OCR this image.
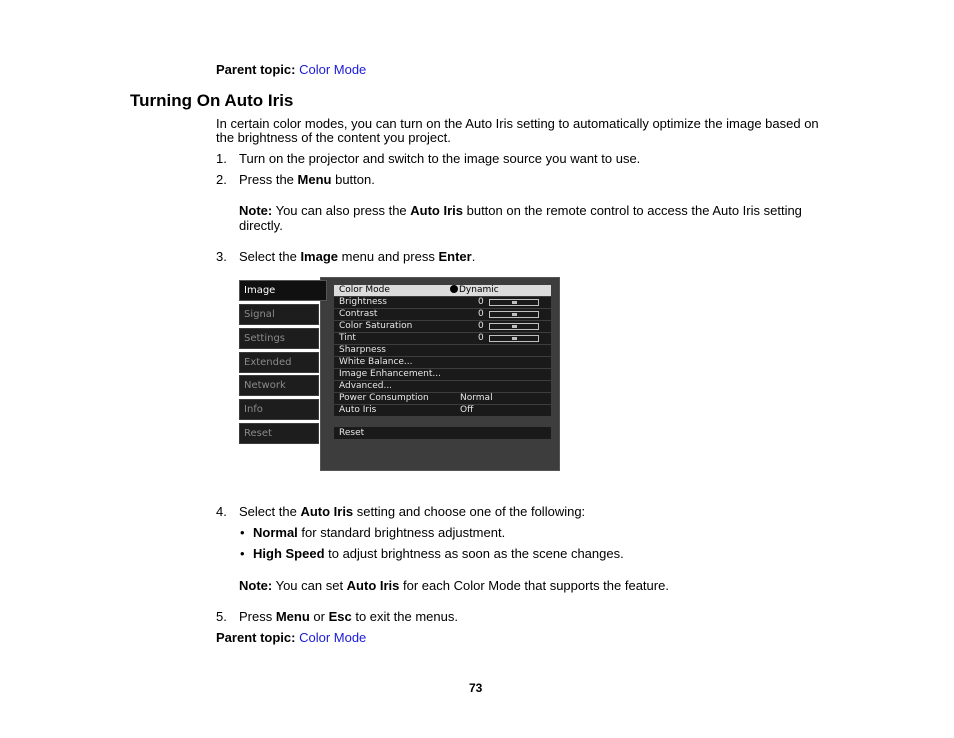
Parent topic: Color Mode
Turning On Auto Iris
In certain color modes, you can turn on the Auto Iris setting to automatically optimize the image based on
the brightness of the content you project.
1. Turn on the projector and switch to the image source you want to use.
2. Press the Menu button.
Note: You can also press the Auto Iris button on the remote control to access the Auto Iris setting
directly.
3. Select the Image menu and press Enter.
Image
Signal
Settings
Extended
Network
Info
Reset
Color Mode	Dynamic
Brightness	0
Contrast	0
Color Saturation	0
Tint	0
Sharpness
White Balance...
Image Enhancement...
Advanced...
Power Consumption	Normal
Auto Iris	Off
Reset
4. Select the Auto Iris setting and choose one of the following:
• Normal for standard brightness adjustment.
• High Speed to adjust brightness as soon as the scene changes.
Note: You can set Auto Iris for each Color Mode that supports the feature.
5. Press Menu or Esc to exit the menus.
Parent topic: Color Mode
73
